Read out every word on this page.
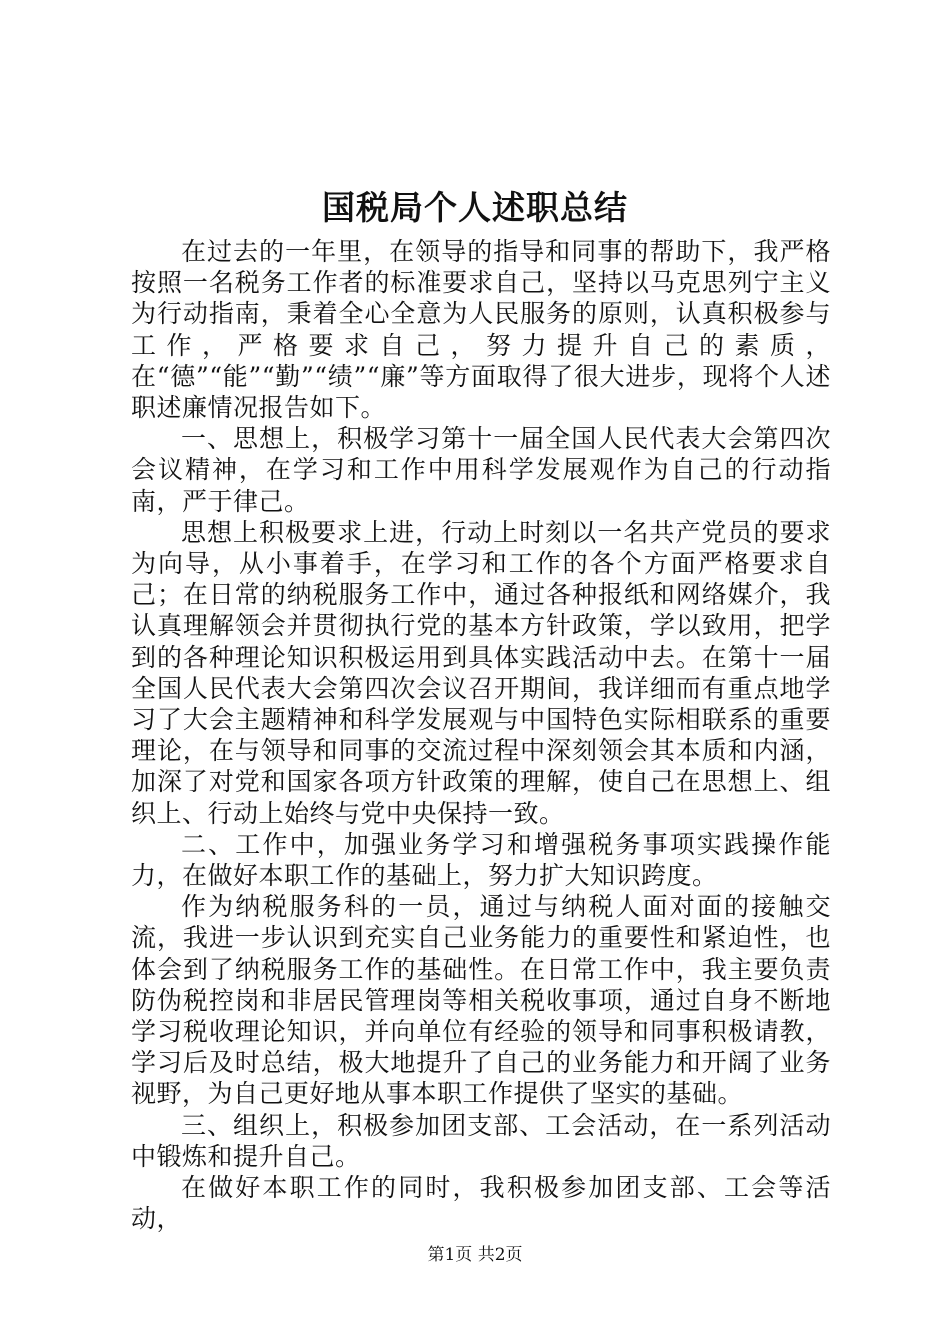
国税局个人述职总结

在过去的一年里，在领导的指导和同事的帮助下，我严格按照一名税务工作者的标准要求自己，坚持以马克思列宁主义为行动指南，秉着全心全意为人民服务的原则，认真积极参与工作，严格要求自己，努力提升自己的素质，在“德”“能”“勤”“绩”“廉”等方面取得了很大进步，现将个人述职述廉情况报告如下。

一、思想上，积极学习第十一届全国人民代表大会第四次会议精神，在学习和工作中用科学发展观作为自己的行动指南，严于律己。

思想上积极要求上进，行动上时刻以一名共产党员的要求为向导，从小事着手，在学习和工作的各个方面严格要求自己；在日常的纳税服务工作中，通过各种报纸和网络媒介，我认真理解领会并贯彻执行党的基本方针政策，学以致用，把学到的各种理论知识积极运用到具体实践活动中去。在第十一届全国人民代表大会第四次会议召开期间，我详细而有重点地学习了大会主题精神和科学发展观与中国特色实际相联系的重要理论，在与领导和同事的交流过程中深刻领会其本质和内涵，加深了对党和国家各项方针政策的理解，使自己在思想上、组织上、行动上始终与党中央保持一致。

二、工作中，加强业务学习和增强税务事项实践操作能力，在做好本职工作的基础上，努力扩大知识跨度。

作为纳税服务科的一员，通过与纳税人面对面的接触交流，我进一步认识到充实自己业务能力的重要性和紧迫性，也体会到了纳税服务工作的基础性。在日常工作中，我主要负责防伪税控岗和非居民管理岗等相关税收事项，通过自身不断地学习税收理论知识，并向单位有经验的领导和同事积极请教，学习后及时总结，极大地提升了自己的业务能力和开阔了业务视野，为自己更好地从事本职工作提供了坚实的基础。

三、组织上，积极参加团支部、工会活动，在一系列活动中锻炼和提升自己。

在做好本职工作的同时，我积极参加团支部、工会等活动，

第1页 共2页
